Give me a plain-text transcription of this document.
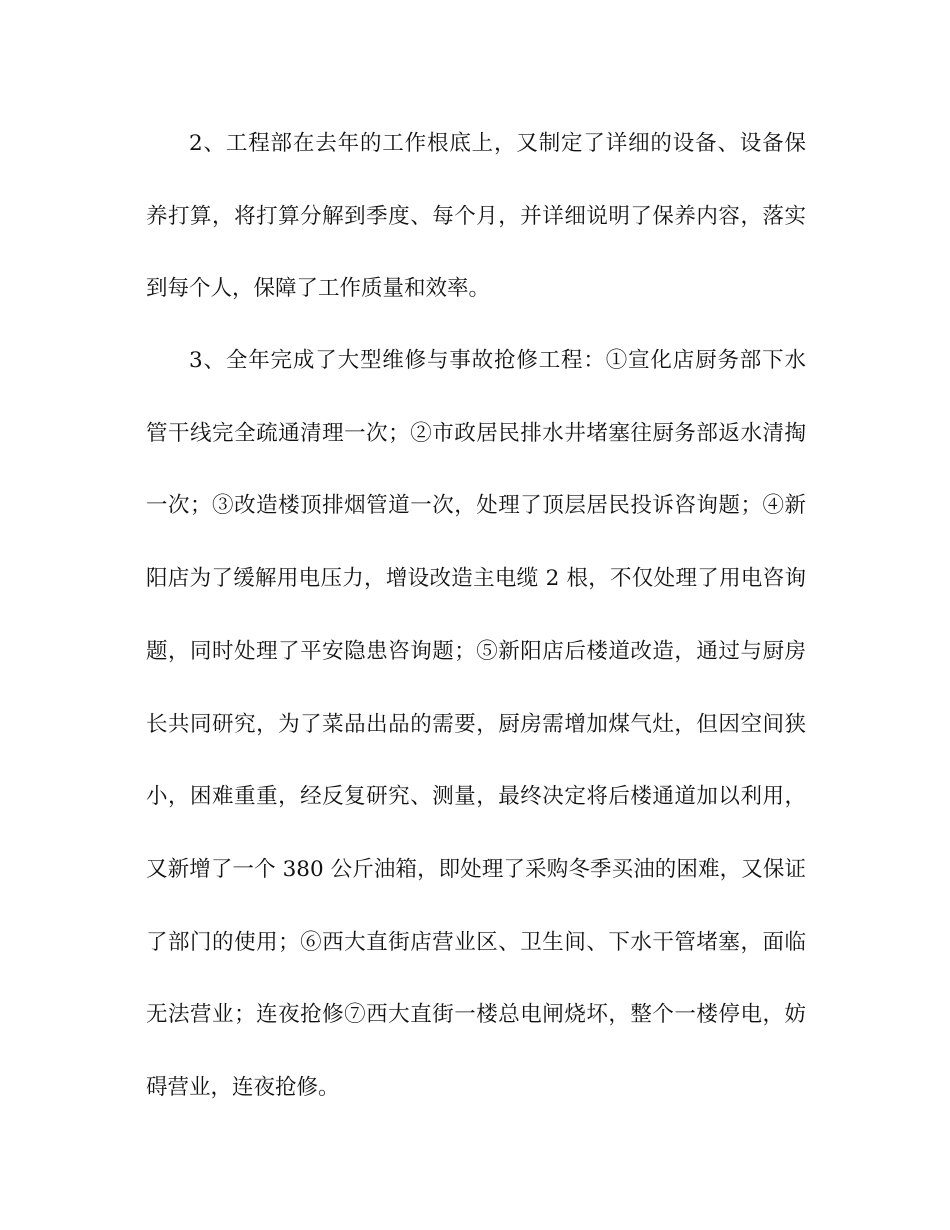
2、工程部在去年的工作根底上，又制定了详细的设备、设备保
养打算，将打算分解到季度、每个月，并详细说明了保养内容，落实
到每个人，保障了工作质量和效率。
3、全年完成了大型维修与事故抢修工程：①宣化店厨务部下水
管干线完全疏通清理一次；②市政居民排水井堵塞往厨务部返水清掏
一次；③改造楼顶排烟管道一次，处理了顶层居民投诉咨询题；④新
阳店为了缓解用电压力，增设改造主电缆 2 根，不仅处理了用电咨询
题，同时处理了平安隐患咨询题；⑤新阳店后楼道改造，通过与厨房
长共同研究，为了菜品出品的需要，厨房需增加煤气灶，但因空间狭
小，困难重重，经反复研究、测量，最终决定将后楼通道加以利用，
又新增了一个 380 公斤油箱，即处理了采购冬季买油的困难，又保证
了部门的使用；⑥西大直街店营业区、卫生间、下水干管堵塞，面临
无法营业；连夜抢修⑦西大直街一楼总电闸烧坏，整个一楼停电，妨
碍营业，连夜抢修。
